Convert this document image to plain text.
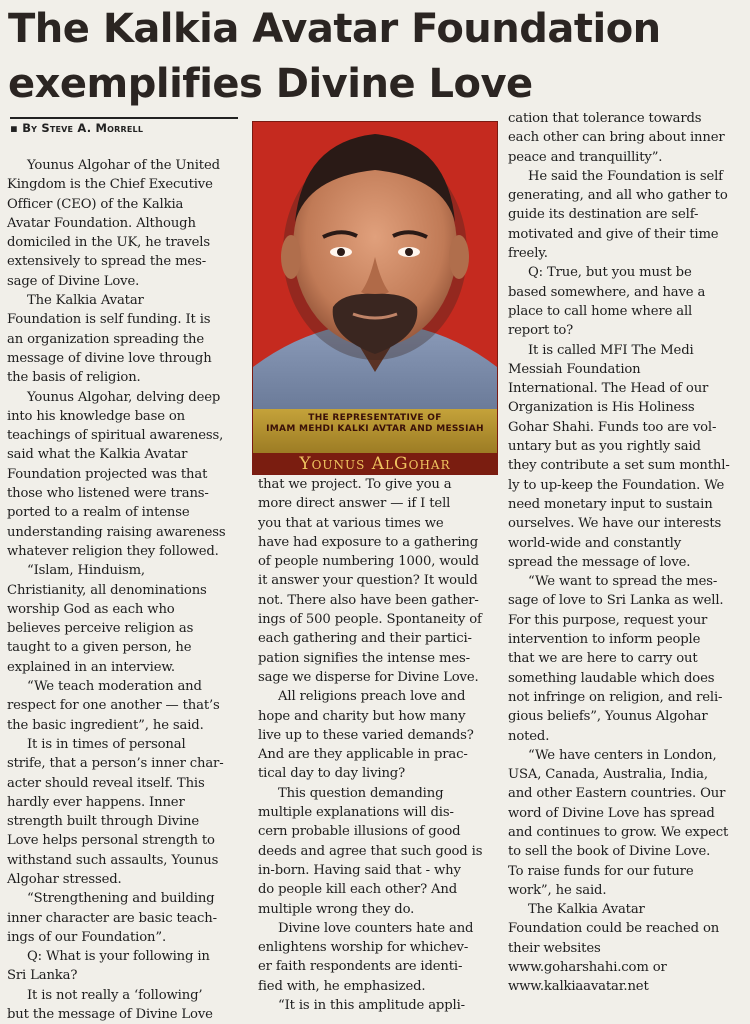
The Kalkia Avatar Foundation
exemplifies Divine Love
▪ By Steve A. Morrell
THE REPRESENTATIVE OF
IMAM MEHDI KALKI AVTAR AND MESSIAH
Younus AlGohar

Younus Algohar of the United

Kingdom is the Chief Executive

Officer (CEO) of the Kalkia

Avatar Foundation. Although

domiciled in the UK, he travels

extensively to spread the mes-

sage of Divine Love.

The Kalkia Avatar

Foundation is self funding. It is

an organization spreading the

message of divine love through

the basis of religion.

Younus Algohar, delving deep

into his knowledge base on

teachings of spiritual awareness,

said what the Kalkia Avatar

Foundation projected was that

those who listened were trans-

ported to a realm of intense

understanding raising awareness

whatever religion they followed.

“Islam, Hinduism,

Christianity, all denominations

worship God as each who

believes perceive religion as

taught to a given person, he

explained in an interview.

“We teach moderation and

respect for one another — that’s

the basic ingredient”, he said.

It is in times of personal

strife, that a person’s inner char-

acter should reveal itself. This

hardly ever happens. Inner

strength built through Divine

Love helps personal strength to

withstand such assaults, Younus

Algohar stressed.

“Strengthening and building

inner character are basic teach-

ings of our Foundation”.

Q: What is your following in

Sri Lanka?

It is not really a ‘following’

but the message of Divine Love

that we project. To give you a

more direct answer — if I tell

you that at various times we

have had exposure to a gathering

of people numbering 1000, would

it answer your question? It would

not. There also have been gather-

ings of 500 people. Spontaneity of

each gathering and their partici-

pation signifies the intense mes-

sage we disperse for Divine Love.

All religions preach love and

hope and charity but how many

live up to these varied demands?

And are they applicable in prac-

tical day to day living?

This question demanding

multiple explanations will dis-

cern probable illusions of good

deeds and agree that such good is

in-born. Having said that - why

do people kill each other? And

multiple wrong they do.

Divine love counters hate and

enlightens worship for whichev-

er faith respondents are identi-

fied with, he emphasized.

“It is in this amplitude appli-

cation that tolerance towards

each other can bring about inner

peace and tranquillity”.

He said the Foundation is self

generating, and all who gather to

guide its destination are self-

motivated and give of their time

freely.

Q: True, but you must be

based somewhere, and have a

place to call home where all

report to?

It is called MFI The Medi

Messiah Foundation

International. The Head of our

Organization is His Holiness

Gohar Shahi. Funds too are vol-

untary but as you rightly said

they contribute a set sum monthl-

ly to up-keep the Foundation. We

need monetary input to sustain

ourselves. We have our interests

world-wide and constantly

spread the message of love.

“We want to spread the mes-

sage of love to Sri Lanka as well.

For this purpose, request your

intervention to inform people

that we are here to carry out

something laudable which does

not infringe on religion, and reli-

gious beliefs”, Younus Algohar

noted.

“We have centers in London,

USA, Canada, Australia, India,

and other Eastern countries. Our

word of Divine Love has spread

and continues to grow. We expect

to sell the book of Divine Love.

To raise funds for our future

work”, he said.

The Kalkia Avatar

Foundation could be reached on

their websites

www.goharshahi.com or

www.kalkiaavatar.net
